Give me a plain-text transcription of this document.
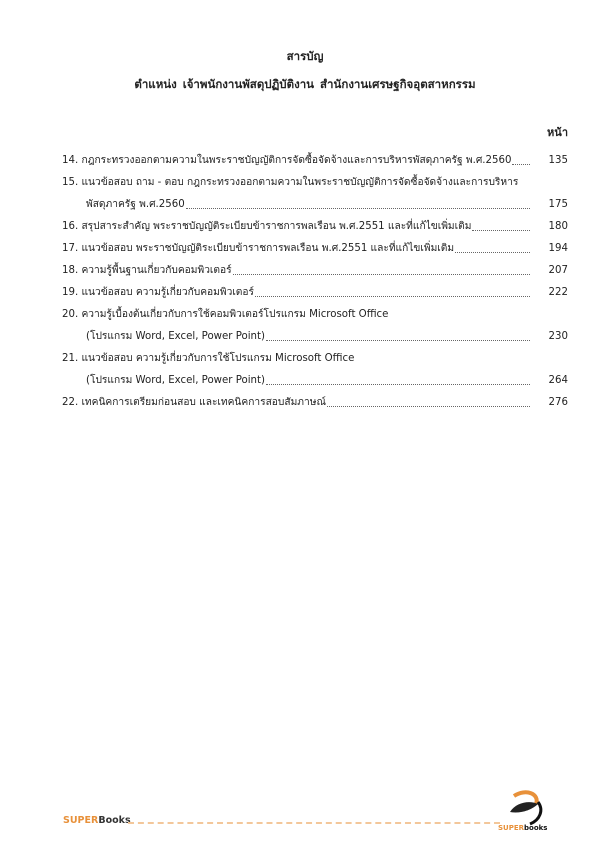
สารบัญ
ตำแหน่ง เจ้าพนักงานพัสดุปฏิบัติงาน สำนักงานเศรษฐกิจอุตสาหกรรม
หน้า
14. กฎกระทรวงออกตามความในพระราชบัญญัติการจัดซื้อจัดจ้างและการบริหารพัสดุภาครัฐ พ.ศ.2560	135
15. แนวข้อสอบ ถาม - ตอบ กฎกระทรวงออกตามความในพระราชบัญญัติการจัดซื้อจัดจ้างและการบริหาร
พัสดุภาครัฐ พ.ศ.2560	175
16. สรุปสาระสำคัญ พระราชบัญญัติระเบียบข้าราชการพลเรือน พ.ศ.2551 และที่แก้ไขเพิ่มเติม	180
17. แนวข้อสอบ พระราชบัญญัติระเบียบข้าราชการพลเรือน พ.ศ.2551 และที่แก้ไขเพิ่มเติม	194
18. ความรู้พื้นฐานเกี่ยวกับคอมพิวเตอร์	207
19. แนวข้อสอบ ความรู้เกี่ยวกับคอมพิวเตอร์	222
20. ความรู้เบื้องต้นเกี่ยวกับการใช้คอมพิวเตอร์โปรแกรม Microsoft Office
(โปรแกรม Word, Excel, Power Point)	230
21. แนวข้อสอบ ความรู้เกี่ยวกับการใช้โปรแกรม Microsoft Office
(โปรแกรม Word, Excel, Power Point)	264
22. เทคนิคการเตรียมก่อนสอบ และเทคนิคการสอบสัมภาษณ์	276
SUPERBooks
SUPER books
